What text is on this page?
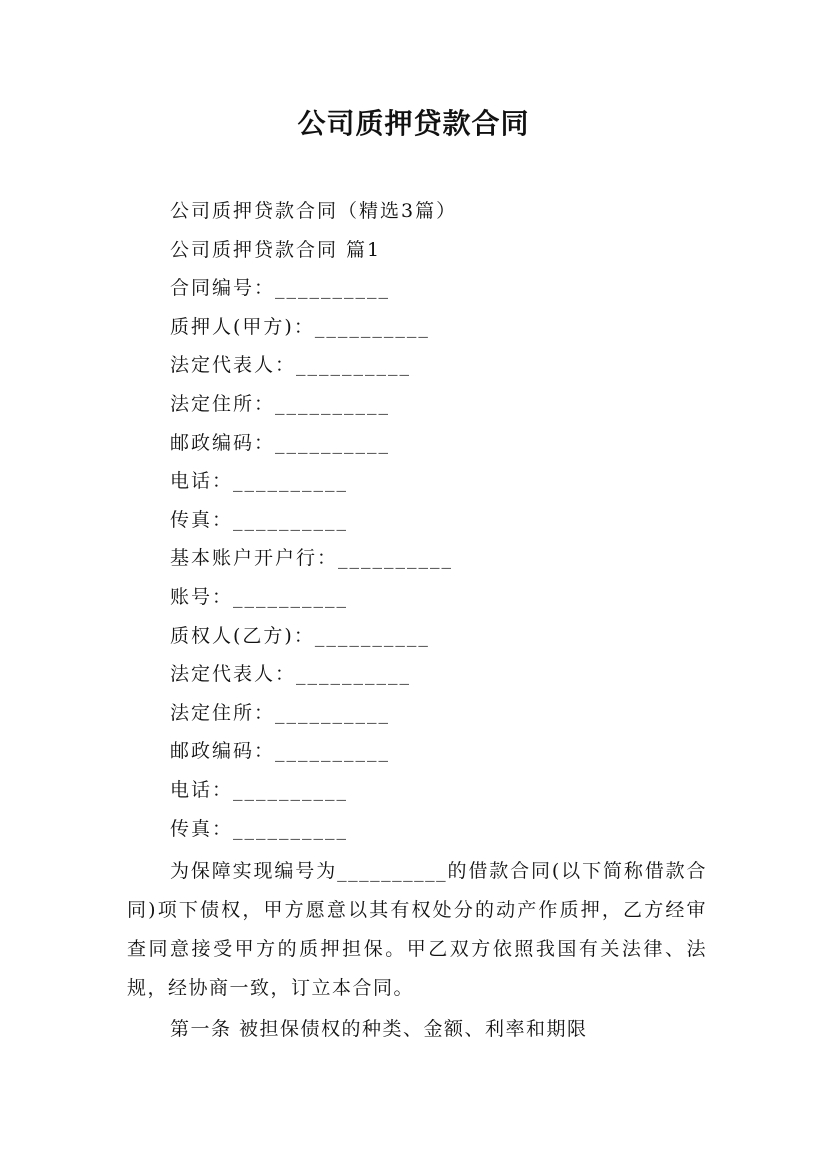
公司质押贷款合同
公司质押贷款合同（精选3篇）
公司质押贷款合同 篇1
合同编号：__________
质押人(甲方)：__________
法定代表人：__________
法定住所：__________
邮政编码：__________
电话：__________
传真：__________
基本账户开户行：__________
账号：__________
质权人(乙方)：__________
法定代表人：__________
法定住所：__________
邮政编码：__________
电话：__________
传真：__________
为保障实现编号为__________的借款合同(以下简称借款合同)项下债权，甲方愿意以其有权处分的动产作质押，乙方经审查同意接受甲方的质押担保。甲乙双方依照我国有关法律、法规，经协商一致，订立本合同。
第一条 被担保债权的种类、金额、利率和期限
